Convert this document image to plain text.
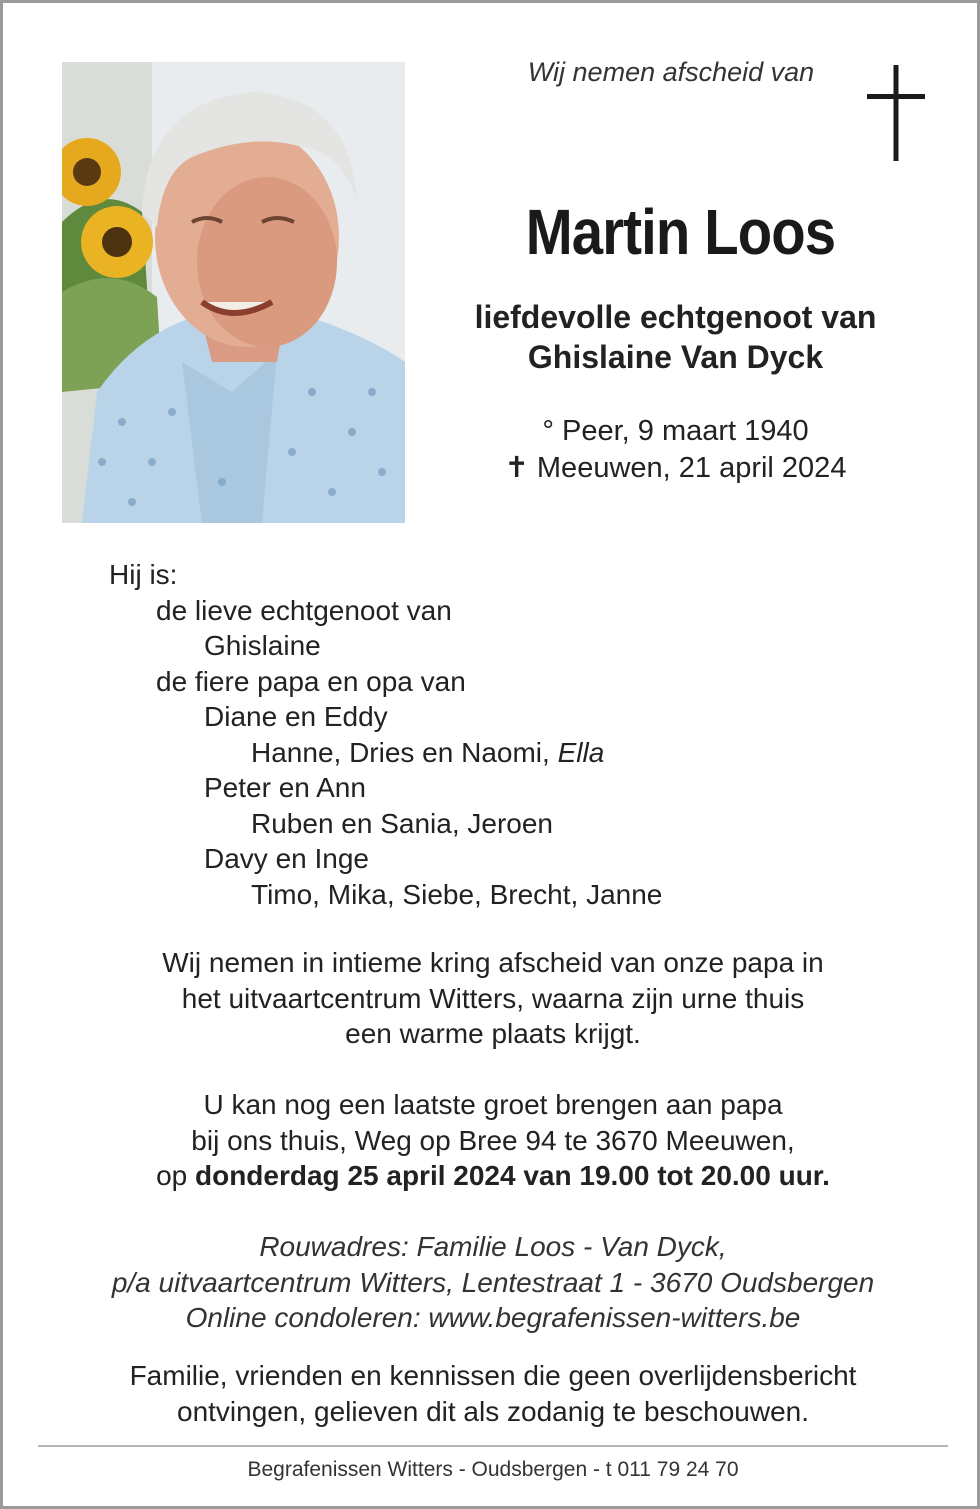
Wij nemen afscheid van
Martin Loos
liefdevolle echtgenoot van
Ghislaine Van Dyck
° Peer, 9 maart 1940
✝ Meeuwen, 21 april 2024
Hij is:
de lieve echtgenoot van
Ghislaine
de fiere papa en opa van
Diane en Eddy
Hanne, Dries en Naomi, Ella
Peter en Ann
Ruben en Sania, Jeroen
Davy en Inge
Timo, Mika, Siebe, Brecht, Janne
Wij nemen in intieme kring afscheid van onze papa in
het uitvaartcentrum Witters, waarna zijn urne thuis
een warme plaats krijgt.
U kan nog een laatste groet brengen aan papa
bij ons thuis, Weg op Bree 94 te 3670 Meeuwen,
op donderdag 25 april 2024 van 19.00 tot 20.00 uur.
Rouwadres: Familie Loos - Van Dyck,
p/a uitvaartcentrum Witters, Lentestraat 1 - 3670 Oudsbergen
Online condoleren: www.begrafenissen-witters.be
Familie, vrienden en kennissen die geen overlijdensbericht
ontvingen, gelieven dit als zodanig te beschouwen.
Begrafenissen Witters - Oudsbergen - t 011 79 24 70
